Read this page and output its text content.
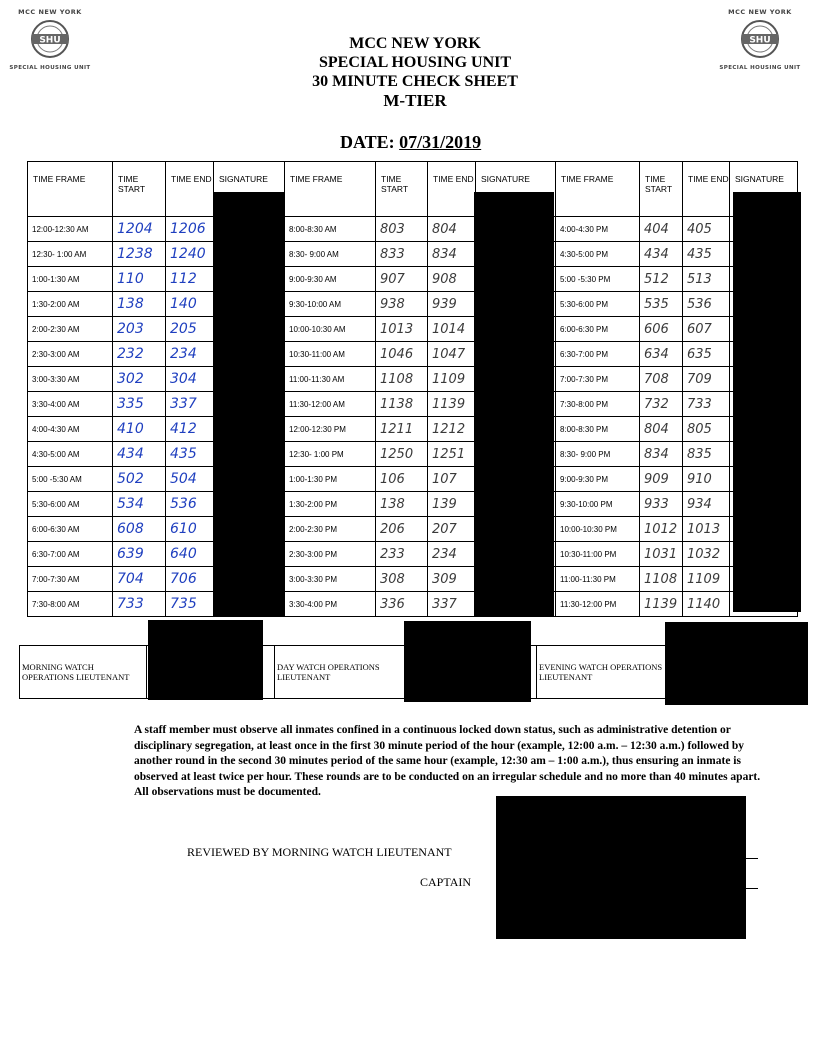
MCC NEW YORK
SHU
SPECIAL HOUSING UNIT
MCC NEW YORK
SHU
SPECIAL HOUSING UNIT
MCC NEW YORK
SPECIAL HOUSING UNIT
30 MINUTE CHECK SHEET
M-TIER
DATE: 07/31/2019
TIME FRAME	TIME START	TIME END	SIGNATURE	TIME FRAME	TIME START	TIME END	SIGNATURE	TIME FRAME	TIME START	TIME END	SIGNATURE
12:00-12:30 AM	1204	1206		8:00-8:30 AM	803	804		4:00-4:30 PM	404	405	
12:30- 1:00 AM	1238	1240		8:30- 9:00 AM	833	834		4:30-5:00 PM	434	435	
1:00-1:30 AM	110	112		9:00-9:30 AM	907	908		5:00 -5:30 PM	512	513	
1:30-2:00 AM	138	140		9:30-10:00 AM	938	939		5:30-6:00 PM	535	536	
2:00-2:30 AM	203	205		10:00-10:30 AM	1013	1014		6:00-6:30 PM	606	607	
2:30-3:00 AM	232	234		10:30-11:00 AM	1046	1047		6:30-7:00 PM	634	635	
3:00-3:30 AM	302	304		11:00-11:30 AM	1108	1109		7:00-7:30 PM	708	709	
3:30-4:00 AM	335	337		11:30-12:00 AM	1138	1139		7:30-8:00 PM	732	733	
4:00-4:30 AM	410	412		12:00-12:30 PM	1211	1212		8:00-8:30 PM	804	805	
4:30-5:00 AM	434	435		12:30- 1:00 PM	1250	1251		8:30- 9:00 PM	834	835	
5:00 -5:30 AM	502	504		1:00-1:30 PM	106	107		9:00-9:30 PM	909	910	
5:30-6:00 AM	534	536		1:30-2:00 PM	138	139		9:30-10:00 PM	933	934	
6:00-6:30 AM	608	610		2:00-2:30 PM	206	207		10:00-10:30 PM	1012	1013	
6:30-7:00 AM	639	640		2:30-3:00 PM	233	234		10:30-11:00 PM	1031	1032	
7:00-7:30 AM	704	706		3:00-3:30 PM	308	309		11:00-11:30 PM	1108	1109	
7:30-8:00 AM	733	735		3:30-4:00 PM	336	337		11:30-12:00 PM	1139	1140	
MORNING WATCH OPERATIONS LIEUTENANT		DAY WATCH OPERATIONS LIEUTENANT		EVENING WATCH OPERATIONS LIEUTENANT	
A staff member must observe all inmates confined in a continuous locked down status, such as administrative detention or disciplinary segregation, at least once in the first 30 minute period of the hour (example, 12:00 a.m. – 12:30 a.m.) followed by another round in the second 30 minutes period of the same hour (example, 12:30 am – 1:00 a.m.), thus ensuring an inmate is observed at least twice per hour. These rounds are to be conducted on an irregular schedule and no more than 40 minutes apart. All observations must be documented.
REVIEWED BY MORNING WATCH LIEUTENANT
CAPTAIN
